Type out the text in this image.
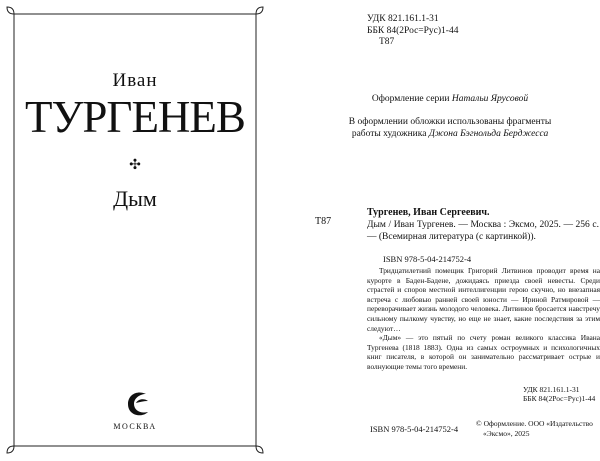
Иван
ТУРГЕНЕВ
✣
Дым
МОСКВА
УДК 821.161.1-31
ББК 84(2Рос=Рус)1-44
Т87
Оформление серии Натальи Ярусовой
В оформлении обложки использованы фрагменты
работы художника Джона Бэгнольда Берджесса
Т87
Тургенев, Иван Сергеевич.
Дым / Иван Тургенев. — Москва : Эксмо, 2025. — 256 с. — (Всемирная литература (с картинкой)).
ISBN 978-5-04-214752-4

Тридцатилетний помещик Григорий Литвинов проводит время на курорте в Баден-Бадене, дожидаясь приезда своей невесты. Среди страстей и споров местной интеллигенции герою скучно, но внезапная встреча с любовью ранней своей юности — Ириной Ратмировой — переворачивает жизнь молодого человека. Литвинов бросается навстречу сильному пылкому чувству, но еще не знает, какие последствия за этим следуют…

«Дым» — это пятый по счету роман великого классика Ивана Тургенева (1818 1883). Одна из самых остроумных и психологичных книг писателя, в которой он занимательно рассматривает острые и волнующие темы того времени.

УДК 821.161.1-31
ББК 84(2Рос=Рус)1-44
ISBN 978-5-04-214752-4
© Оформление. ООО «Издательство
«Эксмо», 2025
